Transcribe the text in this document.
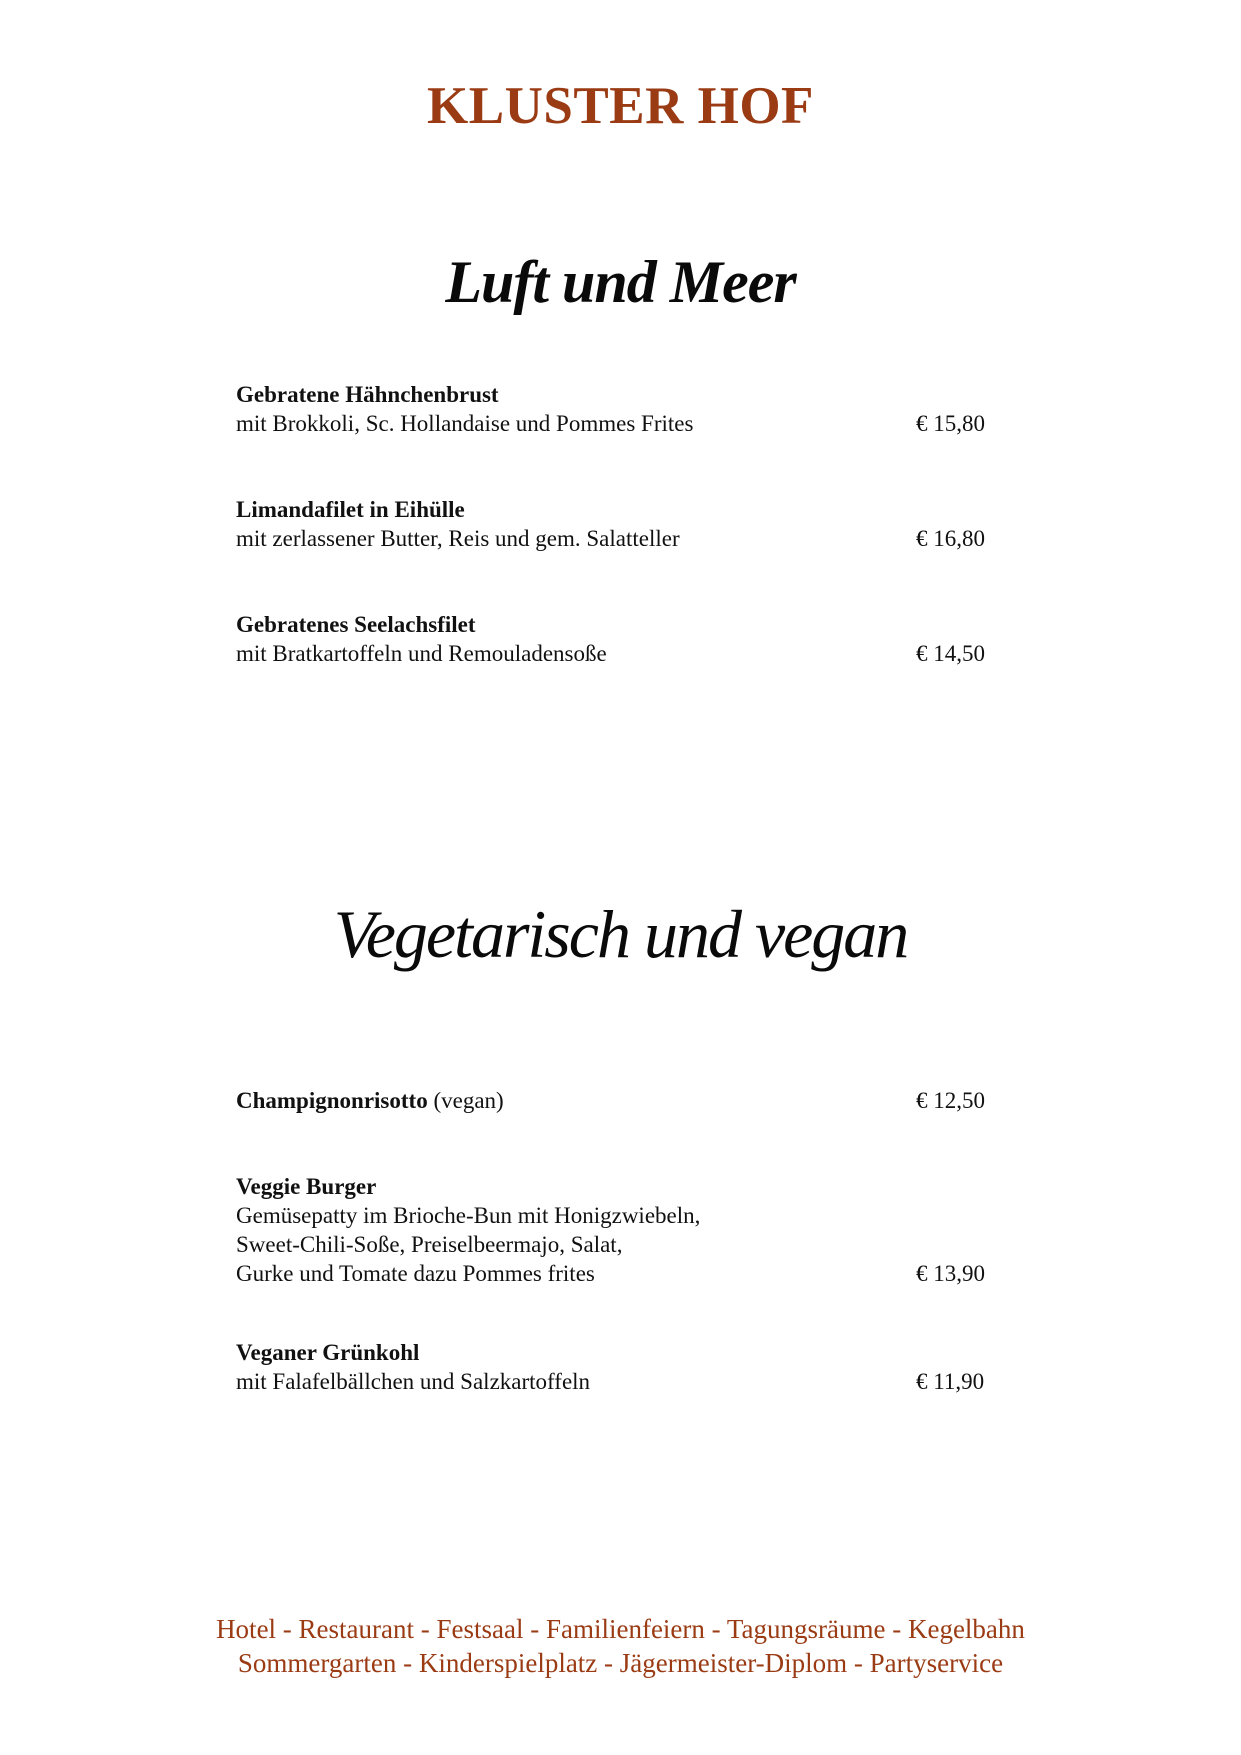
KLUSTER HOF
Luft und Meer
Gebratene Hähnchenbrust
mit Brokkoli, Sc. Hollandaise und Pommes Frites	€ 15,80
Limandafilet in Eihülle
mit zerlassener Butter, Reis und gem. Salatteller	€ 16,80
Gebratenes Seelachsfilet
mit Bratkartoffeln und Remouladensoße	€ 14,50
Vegetarisch und vegan
Champignonrisotto (vegan)	€ 12,50
Veggie Burger
Gemüsepatty im Brioche-Bun mit Honigzwiebeln,
Sweet-Chili-Soße, Preiselbeermajo, Salat,
Gurke und Tomate dazu Pommes frites	€ 13,90
Veganer Grünkohl
mit Falafelbällchen und Salzkartoffeln	€ 11,90
Hotel - Restaurant - Festsaal - Familienfeiern - Tagungsräume - Kegelbahn
Sommergarten - Kinderspielplatz - Jägermeister-Diplom - Partyservice
